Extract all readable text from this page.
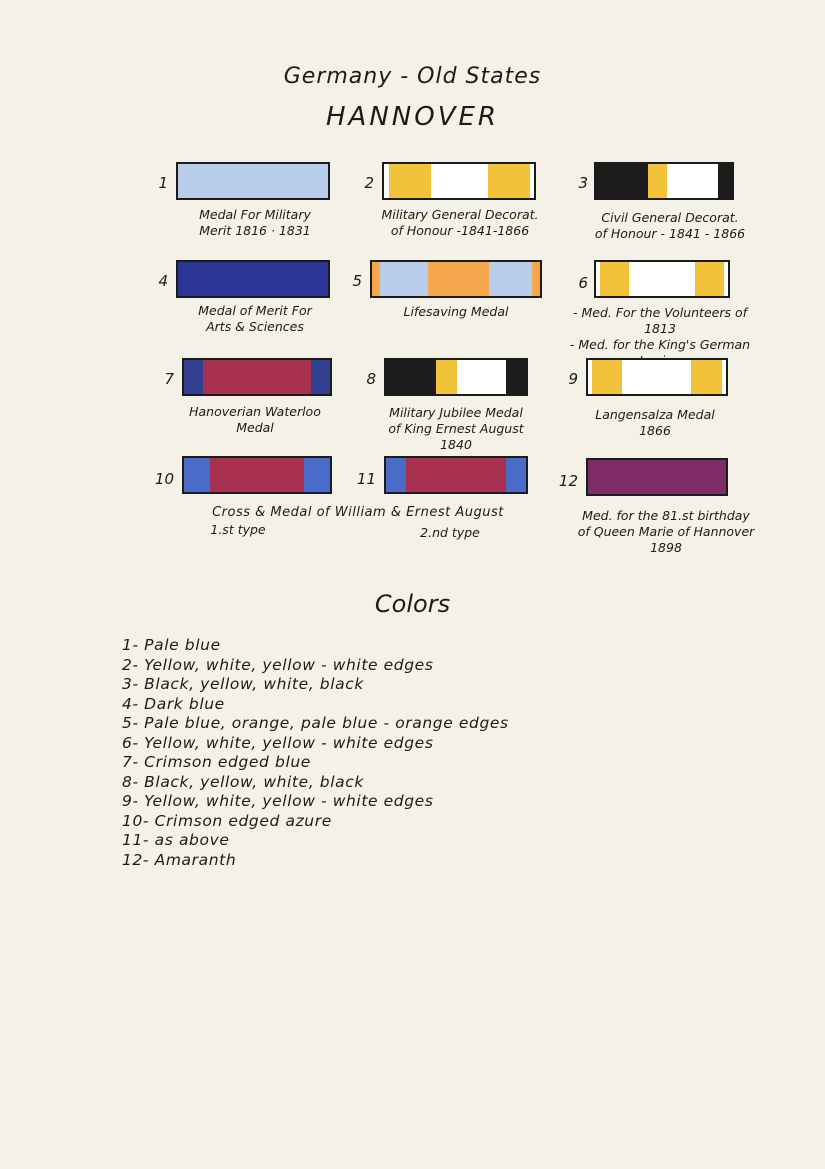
Germany - Old States
HANNOVER
1
Medal For Military
Merit 1816 · 1831
2
Military General Decorat.
of Honour -1841-1866
3
Civil General Decorat.
of Honour - 1841 - 1866
4
Medal of Merit For
Arts & Sciences
5
Lifesaving Medal
6
- Med. For the Volunteers of 1813
- Med. for the King's German

7
Hanoverian Waterloo
Medal
8
Military Jubilee Medal
of King Ernest August
1840
9
Langensalza Medal
1866
10	11	12
Med. for the 81.st birthday
of Queen Marie of Hannover
1898
Cross & Medal of William & Ernest August
1.st type	2.nd type
Colors
1- Pale blue
2- Yellow, white, yellow - white edges
3- Black, yellow, white, black
4- Dark blue
5- Pale blue, orange, pale blue - orange edges
6- Yellow, white, yellow - white edges
7- Crimson edged blue
8- Black, yellow, white, black
9- Yellow, white, yellow - white edges
10- Crimson edged azure
11- as above
12- Amaranth
